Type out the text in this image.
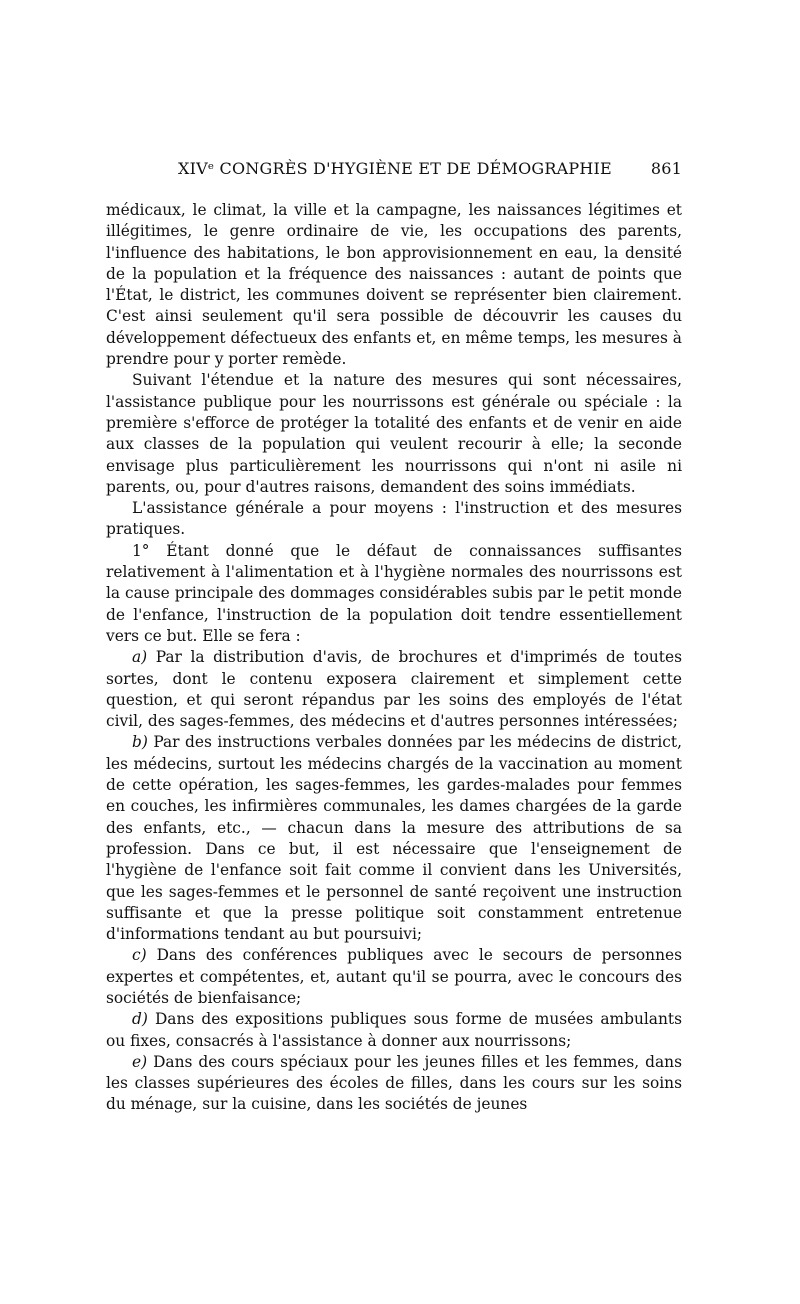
XIVᵉ CONGRÈS D'HYGIÈNE ET DE DÉMOGRAPHIE 861

médicaux, le climat, la ville et la campagne, les naissances légitimes et illégitimes, le genre ordinaire de vie, les occupations des parents, l'influence des habitations, le bon approvisionnement en eau, la densité de la population et la fréquence des naissances : autant de points que l'État, le district, les communes doivent se représenter bien clairement. C'est ainsi seulement qu'il sera possible de découvrir les causes du développement défectueux des enfants et, en même temps, les mesures à prendre pour y porter remède.

Suivant l'étendue et la nature des mesures qui sont nécessaires, l'assistance publique pour les nourrissons est générale ou spéciale : la première s'efforce de protéger la totalité des enfants et de venir en aide aux classes de la population qui veulent recourir à elle; la seconde envisage plus particulièrement les nourrissons qui n'ont ni asile ni parents, ou, pour d'autres raisons, demandent des soins immédiats.

L'assistance générale a pour moyens : l'instruction et des mesures pratiques.

1° Étant donné que le défaut de connaissances suffisantes relativement à l'alimentation et à l'hygiène normales des nourrissons est la cause principale des dommages considérables subis par le petit monde de l'enfance, l'instruction de la population doit tendre essentiellement vers ce but. Elle se fera :

a) Par la distribution d'avis, de brochures et d'imprimés de toutes sortes, dont le contenu exposera clairement et simplement cette question, et qui seront répandus par les soins des employés de l'état civil, des sages-femmes, des médecins et d'autres personnes intéressées;

b) Par des instructions verbales données par les médecins de district, les médecins, surtout les médecins chargés de la vaccination au moment de cette opération, les sages-femmes, les gardes-malades pour femmes en couches, les infirmières communales, les dames chargées de la garde des enfants, etc., — chacun dans la mesure des attributions de sa profession. Dans ce but, il est nécessaire que l'enseignement de l'hygiène de l'enfance soit fait comme il convient dans les Universités, que les sages-femmes et le personnel de santé reçoivent une instruction suffisante et que la presse politique soit constamment entretenue d'informations tendant au but poursuivi;

c) Dans des conférences publiques avec le secours de personnes expertes et compétentes, et, autant qu'il se pourra, avec le concours des sociétés de bienfaisance;

d) Dans des expositions publiques sous forme de musées ambulants ou fixes, consacrés à l'assistance à donner aux nourrissons;

e) Dans des cours spéciaux pour les jeunes filles et les femmes, dans les classes supérieures des écoles de filles, dans les cours sur les soins du ménage, sur la cuisine, dans les sociétés de jeunes
